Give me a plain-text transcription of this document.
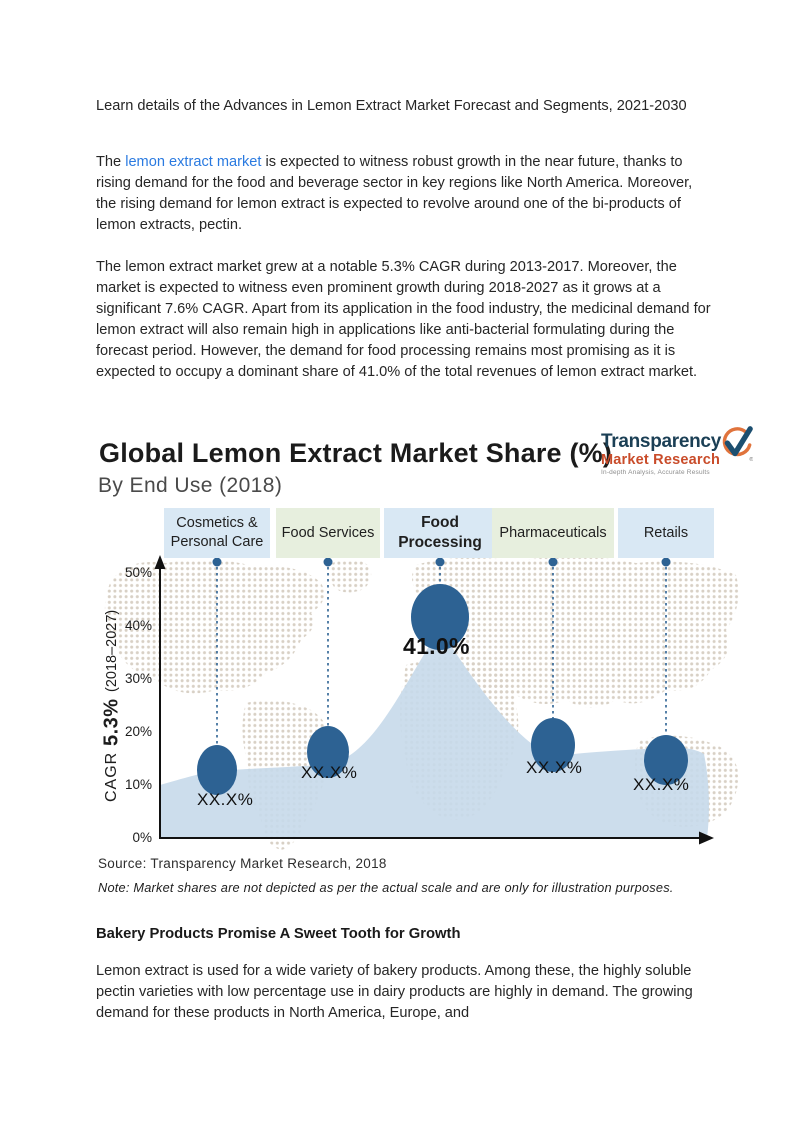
Learn details of the Advances in Lemon Extract Market Forecast and Segments, 2021-2030

The lemon extract market is expected to witness robust growth in the near future, thanks to rising demand for the food and beverage sector in key regions like North America. Moreover, the rising demand for lemon extract is expected to revolve around one of the bi-products of lemon extracts, pectin.

The lemon extract market grew at a notable 5.3% CAGR during 2013-2017. Moreover, the market is expected to witness even prominent growth during 2018-2027 as it grows at a significant 7.6% CAGR. Apart from its application in the food industry, the medicinal demand for lemon extract will also remain high in applications like anti-bacterial formulating during the forecast period. However, the demand for food processing remains most promising as it is expected to occupy a dominant share of 41.0% of the total revenues of lemon extract market.

Global Lemon Extract Market Share (%)
By End Use (2018)
Transparency
Market Research
In-depth Analysis, Accurate Results
®
Cosmetics & Personal Care
Food Services
Food Processing
Pharmaceuticals	Retails
50%
40%
30%
20%
10%
0%
CAGR
5.3%
(2018–2027)
XX.X%
XX.X%
41.0%
XX.X%
XX.X%
Source: Transparency Market Research, 2018
Note: Market shares are not depicted as per the actual scale and are only for illustration purposes.
Bakery Products Promise A Sweet Tooth for Growth

Lemon extract is used for a wide variety of bakery products. Among these, the highly soluble pectin varieties with low percentage use in dairy products are highly in demand. The growing demand for these products in North America, Europe, and
